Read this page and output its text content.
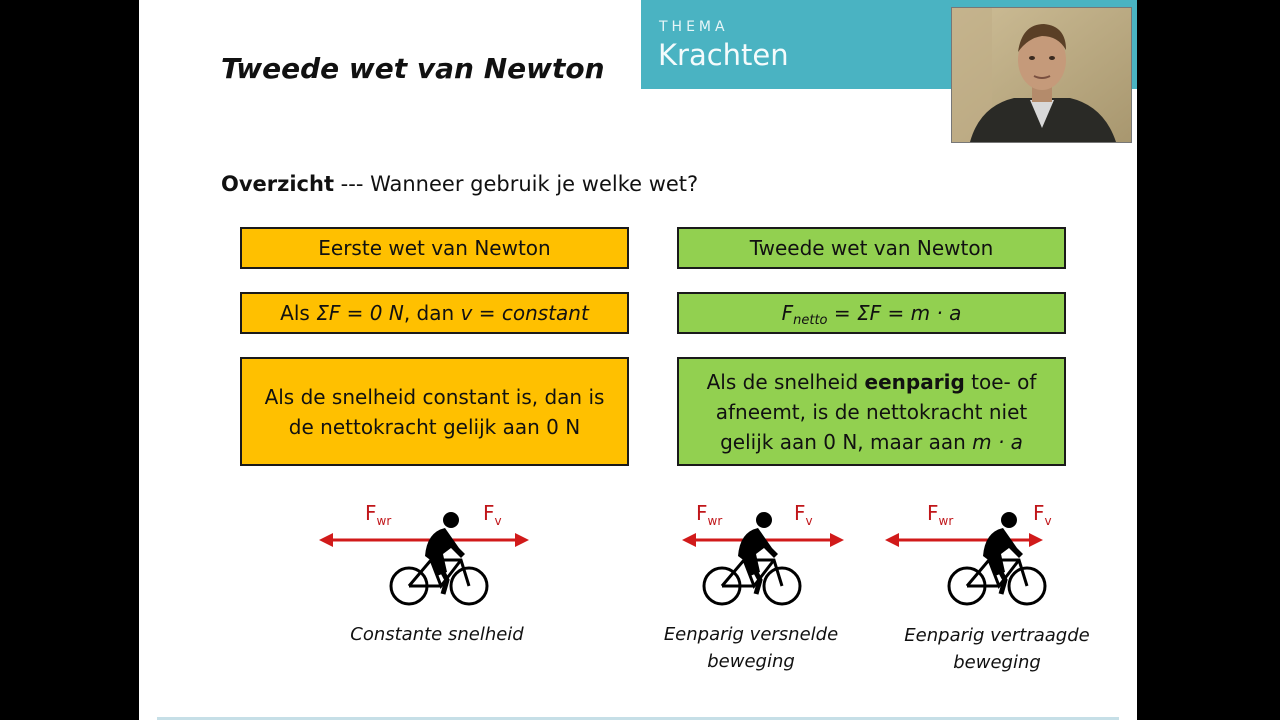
Tweede wet van Newton
THEMA
Krachten
Overzicht --- Wanneer gebruik je welke wet?
Eerste wet van Newton
Als ΣF = 0 N, dan v = constant
Als de snelheid constant is, dan is de nettokracht gelijk aan 0 N
Tweede wet van Newton
$F_{netto} = \Sigma F = m \cdot a$
Als de snelheid eenparig toe- of afneemt, is de nettokracht niet gelijk aan 0 N, maar aan m · a
$F_{wr}$	$F_v$	$F_{wr}$	$F_v$	$F_{wr}$	$F_v$
Constante snelheid	Eenparig versnelde beweging
Eenparig vertraagde beweging
